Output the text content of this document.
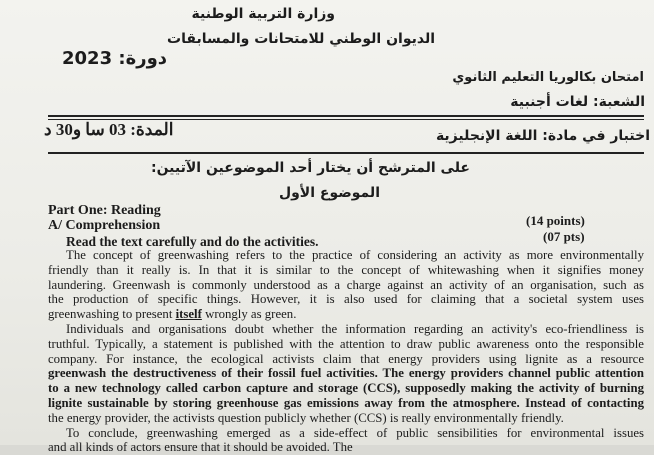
وزارة التربية الوطنية
الديوان الوطني للامتحانات والمسابقات
دورة: 2023
امتحان بكالوريا التعليم الثانوي
الشعبة: لغات أجنبية
المدة: 03 سا و30 د	اختبار في مادة: اللغة الإنجليزية
على المترشح أن يختار أحد الموضوعين الآتيين:
الموضوع الأول
Part One: Reading
A/ Comprehension	(14 points)
(07 pts)
Read the text carefully and do the activities.
The concept of greenwashing refers to the practice of considering an activity as more environmentally
friendly than it really is. In that it is similar to the concept of whitewashing when it signifies money
laundering. Greenwash is commonly understood as a charge against an activity of an organisation, such as
the production of specific things. However, it is also used for claiming that a societal system uses
greenwashing to present itself wrongly as green.
Individuals and organisations doubt whether the information regarding an activity's eco-friendliness is
truthful. Typically, a statement is published with the attention to draw public awareness onto the responsible
company. For instance, the ecological activists claim that energy providers using lignite as a resource
greenwash the destructiveness of their fossil fuel activities. The energy providers channel public attention
to a new technology called carbon capture and storage (CCS), supposedly making the activity of burning
lignite sustainable by storing greenhouse gas emissions away from the atmosphere. Instead of contacting
the energy provider, the activists question publicly whether (CCS) is really environmentally friendly.
To conclude, greenwashing emerged as a side-effect of public sensibilities for environmental issues
and all kinds of actors ensure that it should be avoided. The
